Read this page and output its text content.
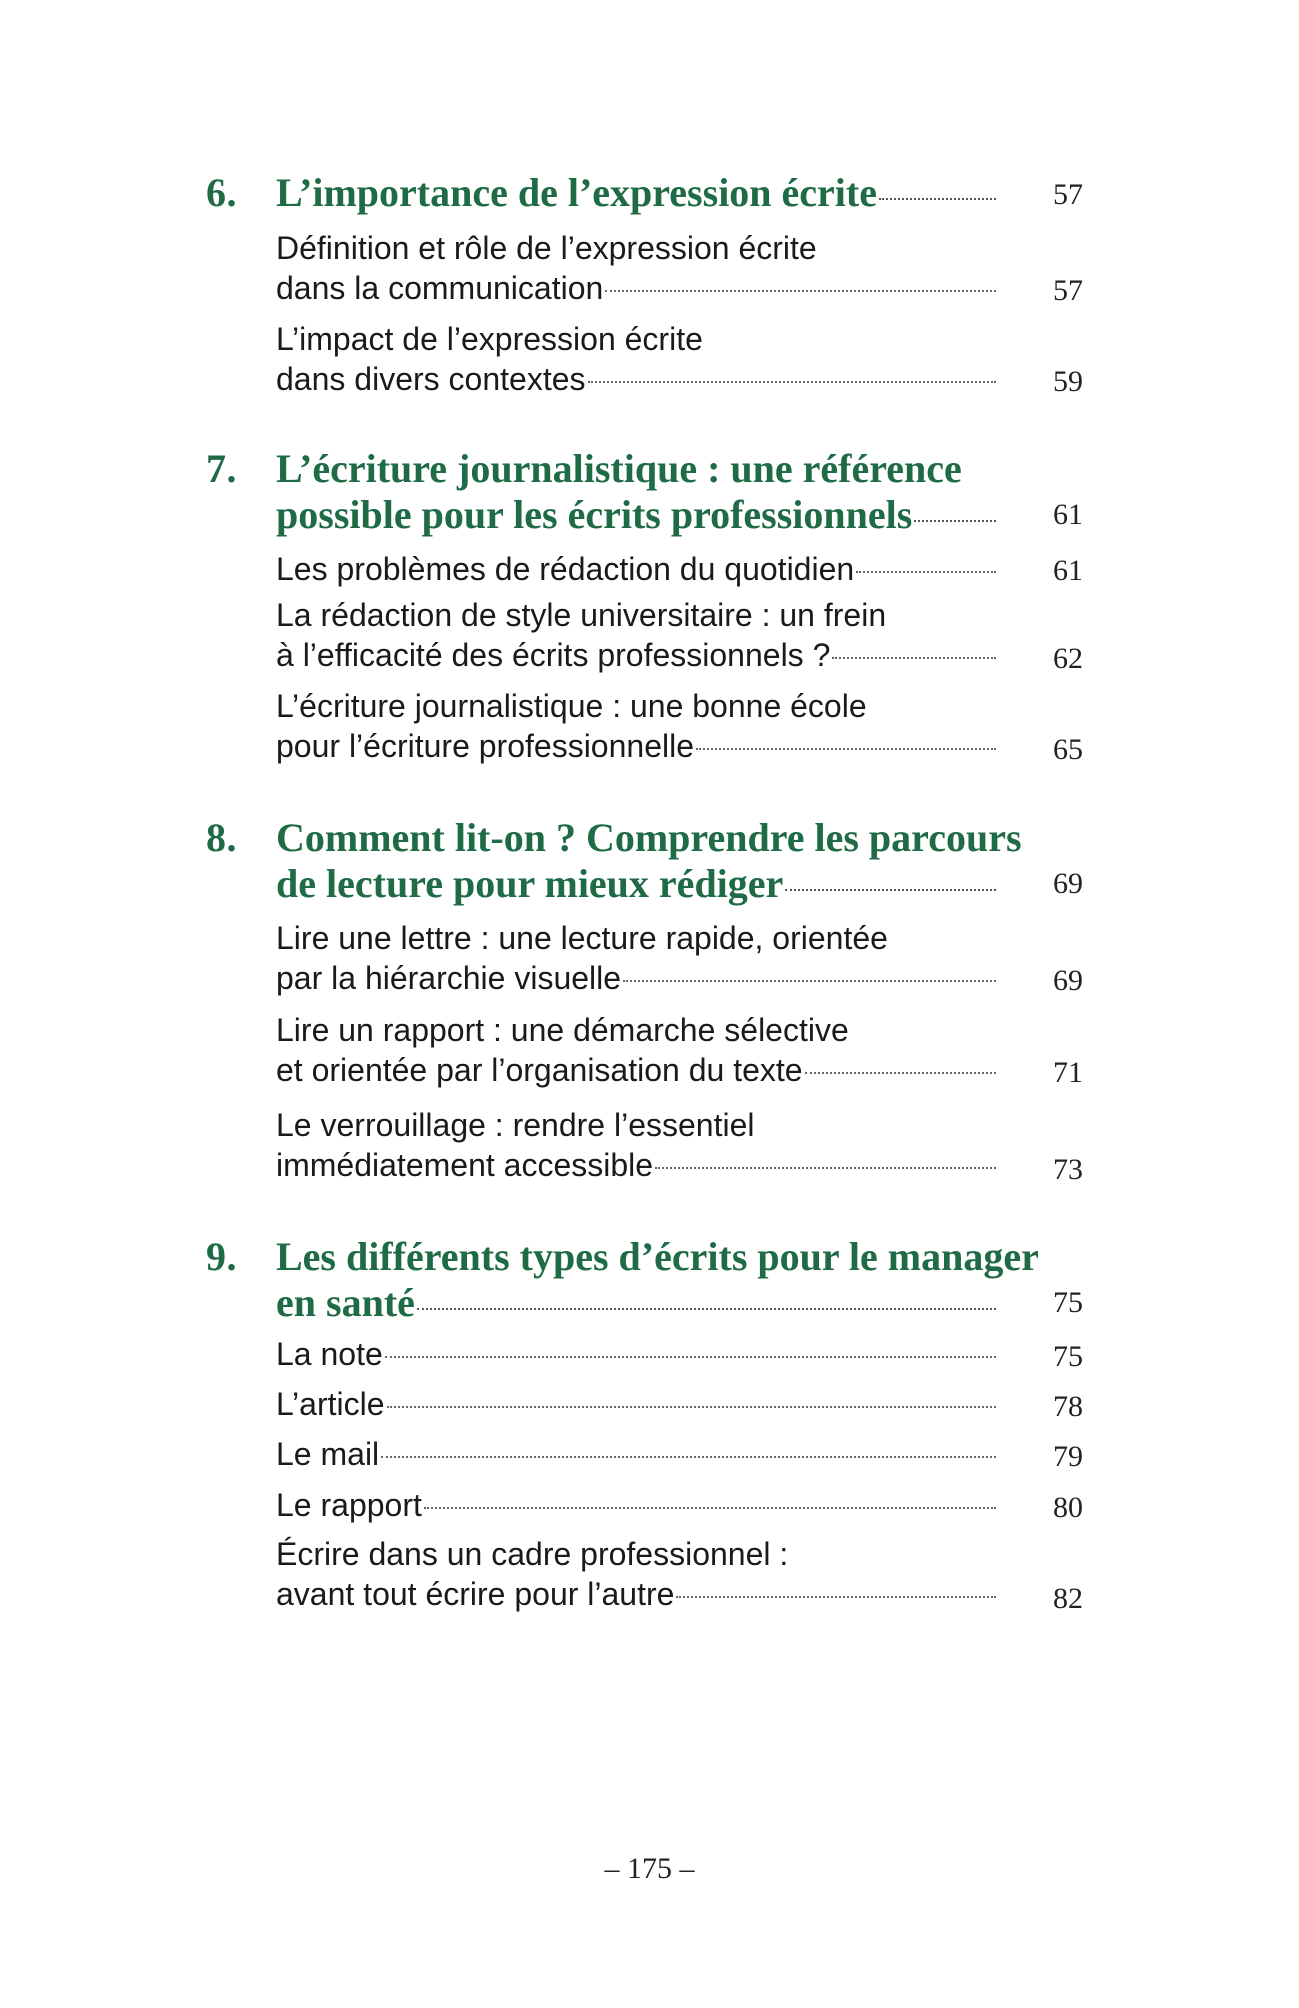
6. L’importance de l’expression écrite	57
Définition et rôle de l’expression écrite
dans la communication	57
L’impact de l’expression écrite
dans divers contextes	59
7. L’écriture journalistique : une référence
possible pour les écrits professionnels	61
Les problèmes de rédaction du quotidien	61
La rédaction de style universitaire : un frein
à l’efficacité des écrits professionnels ?	62
L’écriture journalistique : une bonne école
pour l’écriture professionnelle	65
8. Comment lit-on ? Comprendre les parcours
de lecture pour mieux rédiger	69
Lire une lettre : une lecture rapide, orientée
par la hiérarchie visuelle	69
Lire un rapport : une démarche sélective
et orientée par l’organisation du texte	71
Le verrouillage : rendre l’essentiel
immédiatement accessible	73
9. Les différents types d’écrits pour le manager
en santé	75
La note	75
L’article	78
Le mail	79
Le rapport	80
Écrire dans un cadre professionnel :
avant tout écrire pour l’autre	82
– 175 –
